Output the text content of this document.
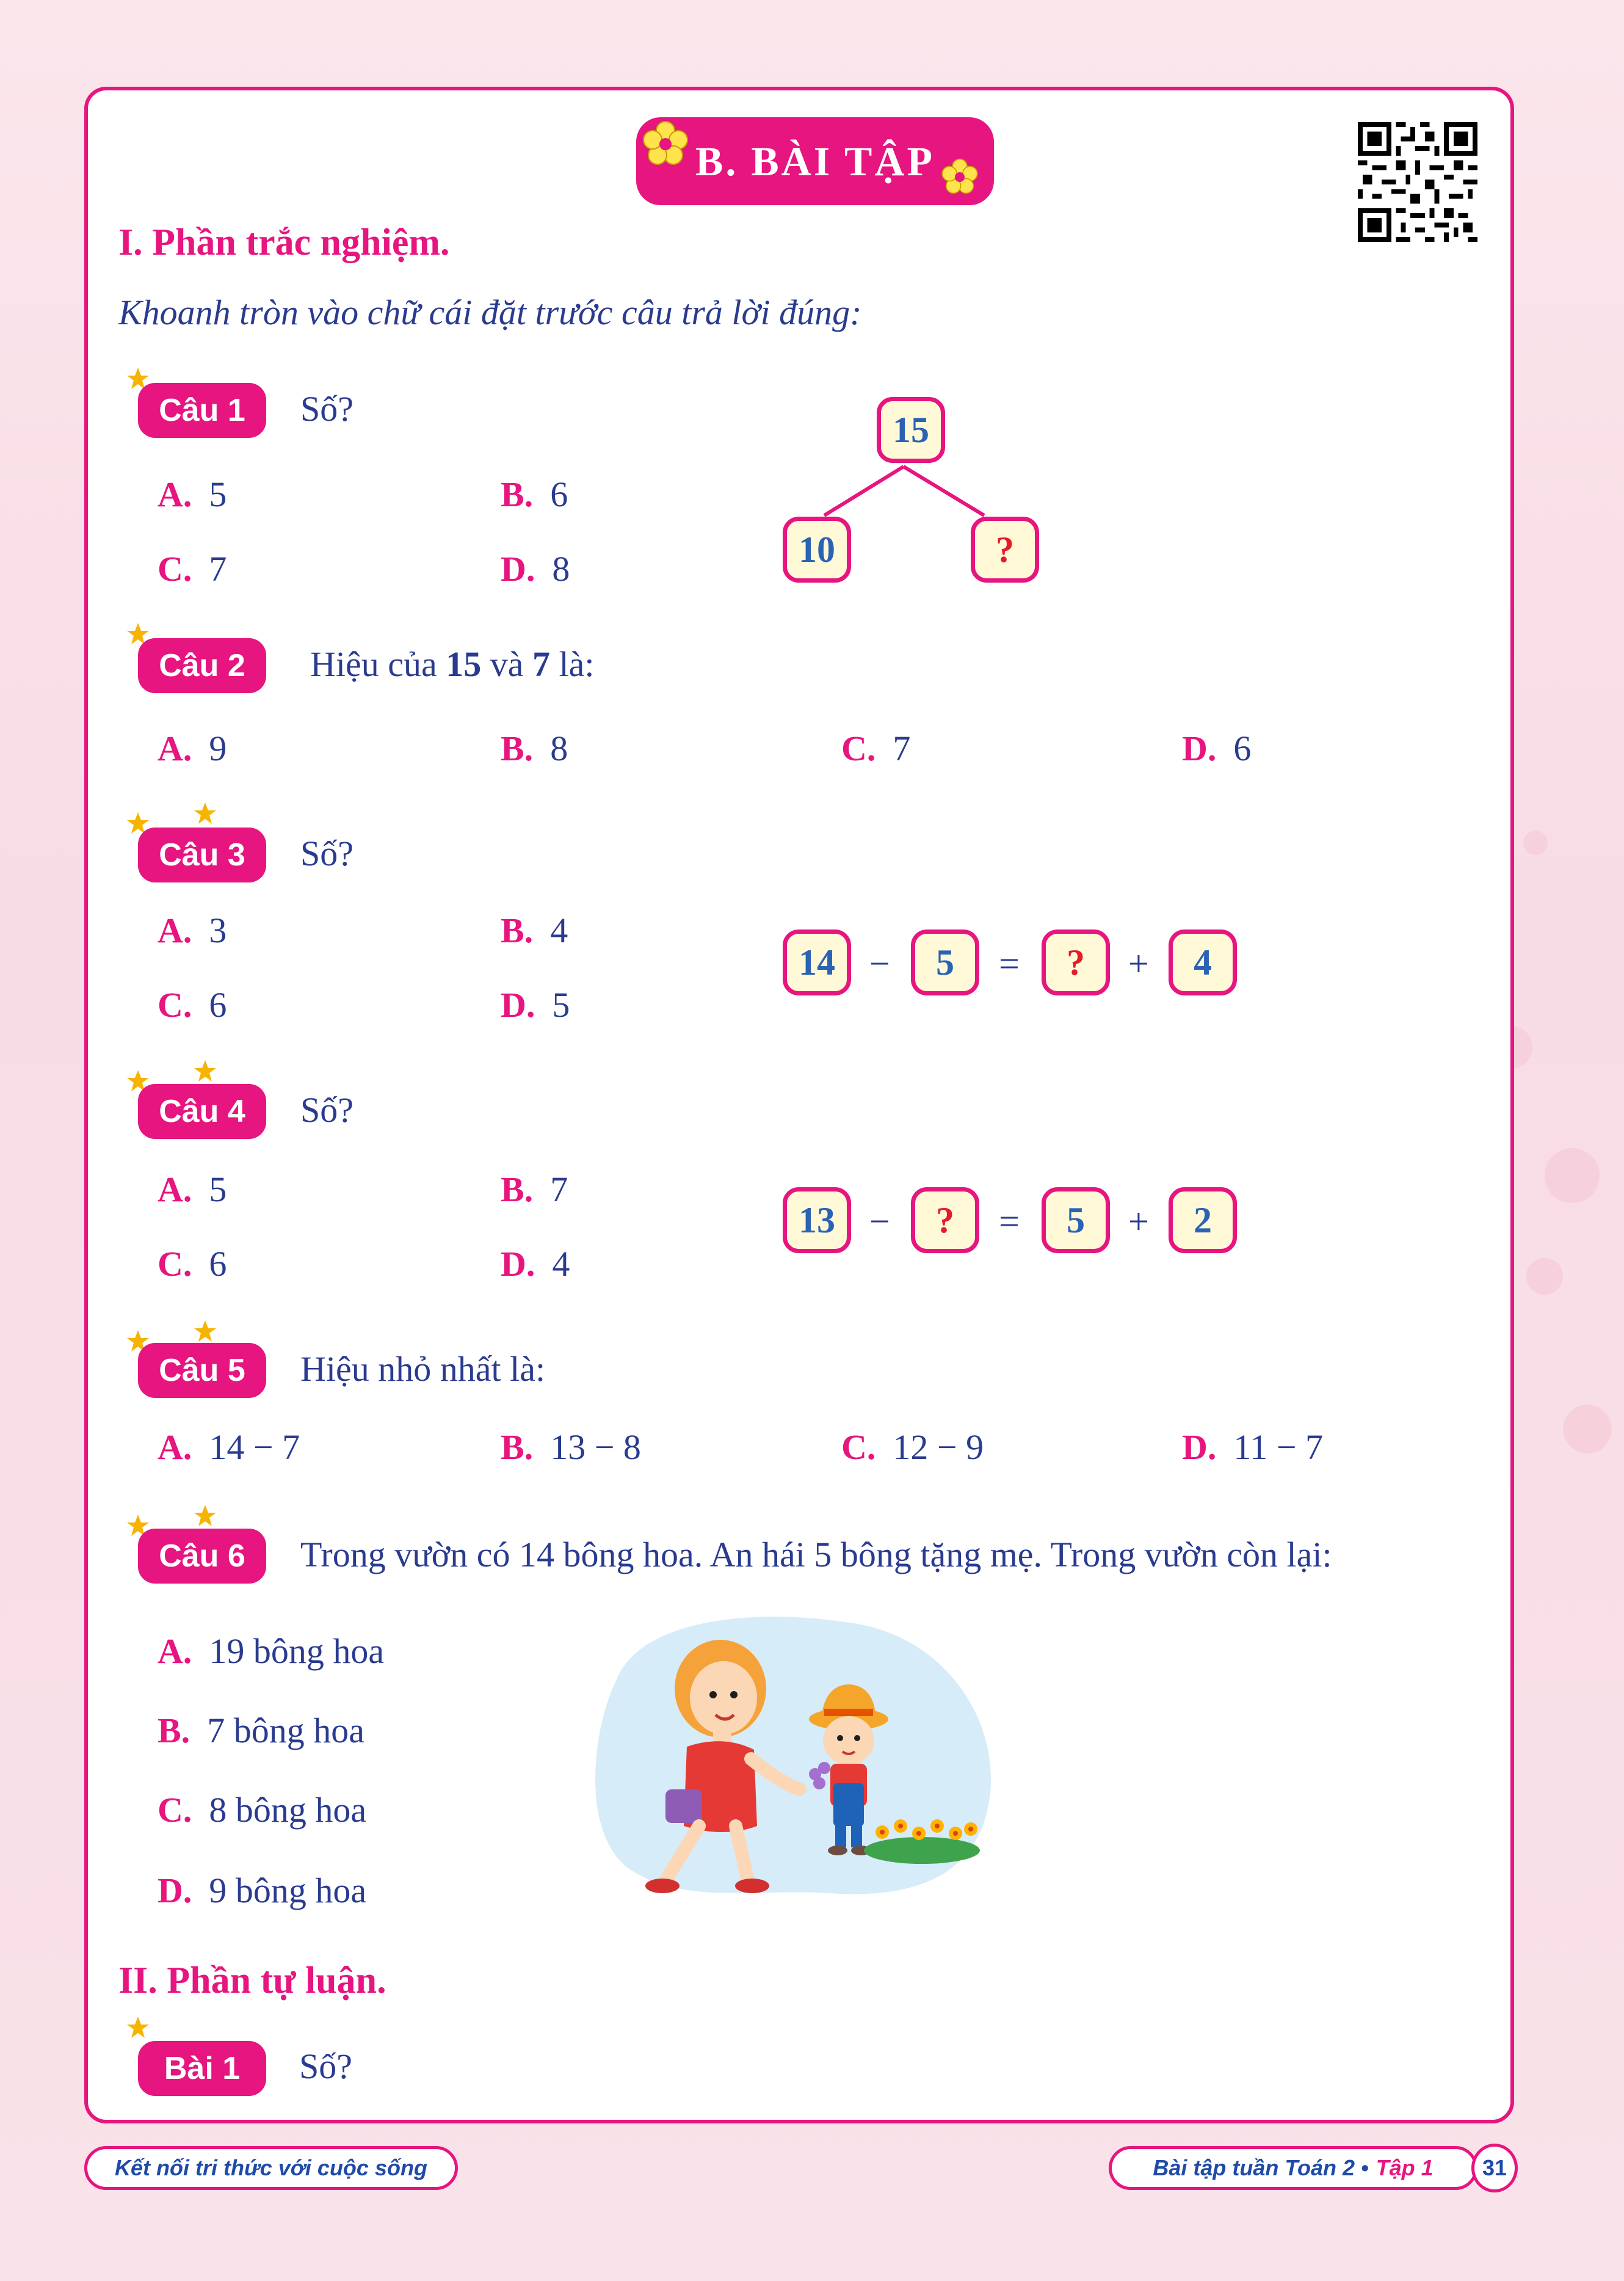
B. BÀI TẬP
I. Phần trắc nghiệm.
Khoanh tròn vào chữ cái đặt trước câu trả lời đúng:
Câu 1	Số?
A. 5	B. 6
C. 7	D. 8
15
10	?
Câu 2	Hiệu của 15 và 7 là:
A. 9	B. 8	C. 7	D. 6
Câu 3	Số?
A. 3	B. 4
C. 6	D. 5
14 −	5	=	?	+	4
Câu 4	Số?
A. 5	B. 7
C. 6	D. 4
13 −	?	=	5	+	2
Câu 5	Hiệu nhỏ nhất là:
A. 14 − 7	B. 13 − 8	C. 12 − 9	D. 11 − 7
Câu 6	Trong vườn có 14 bông hoa. An hái 5 bông tặng mẹ. Trong vườn còn lại:
A. 19 bông hoa
B. 7 bông hoa
C. 8 bông hoa
D. 9 bông hoa
II. Phần tự luận.
Bài 1	Số?
Kết nối tri thức với cuộc sống	Bài tập tuần Toán 2 • Tập 1	31
